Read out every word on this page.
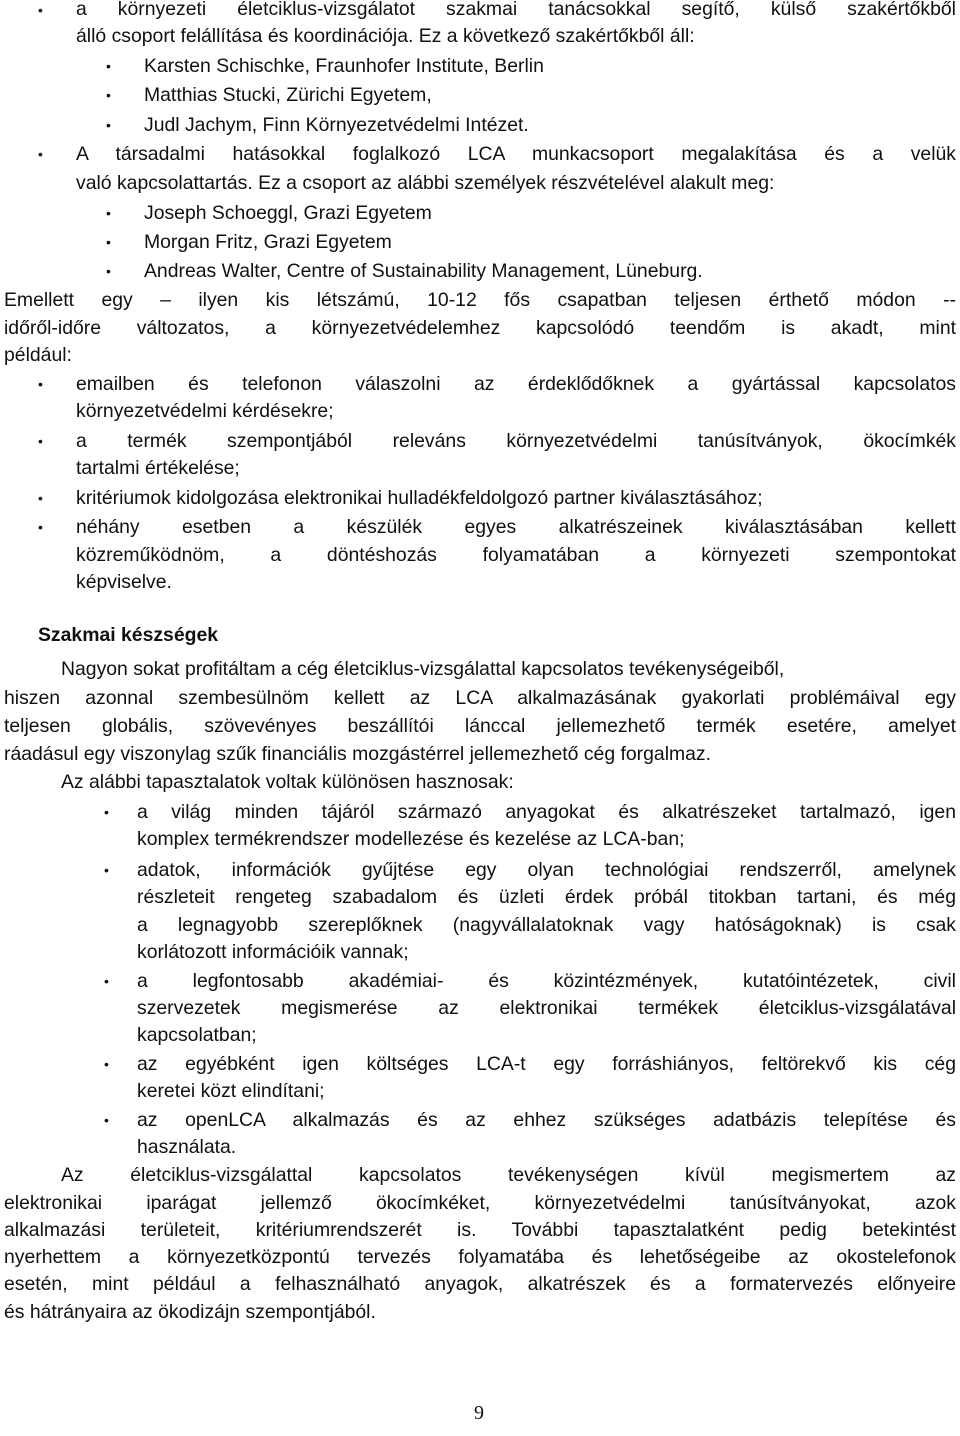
• a környezeti életciklus-vizsgálatot szakmai tanácsokkal segítő, külső szakértőkből
álló csoport felállítása és koordinációja. Ez a következő szakértőkből áll:
• Karsten Schischke, Fraunhofer Institute, Berlin
• Matthias Stucki, Zürichi Egyetem,
• Judl Jachym, Finn Környezetvédelmi Intézet.
• A társadalmi hatásokkal foglalkozó LCA munkacsoport megalakítása és a velük
való kapcsolattartás. Ez a csoport az alábbi személyek részvételével alakult meg:
• Joseph Schoeggl, Grazi Egyetem
• Morgan Fritz, Grazi Egyetem
• Andreas Walter, Centre of Sustainability Management, Lüneburg.
Emellett egy – ilyen kis létszámú, 10-12 fős csapatban teljesen érthető módon --
időről-időre változatos, a környezetvédelemhez kapcsolódó teendőm is akadt, mint
például:
• emailben és telefonon válaszolni az érdeklődőknek a gyártással kapcsolatos
környezetvédelmi kérdésekre;
• a termék szempontjából releváns környezetvédelmi tanúsítványok, ökocímkék
tartalmi értékelése;
• kritériumok kidolgozása elektronikai hulladékfeldolgozó partner kiválasztásához;
• néhány esetben a készülék egyes alkatrészeinek kiválasztásában kellett
közreműködnöm, a döntéshozás folyamatában a környezeti szempontokat
képviselve.
Szakmai készségek
Nagyon sokat profitáltam a cég életciklus-vizsgálattal kapcsolatos tevékenységeiből,
hiszen azonnal szembesülnöm kellett az LCA alkalmazásának gyakorlati problémáival egy
teljesen globális, szövevényes beszállítói lánccal jellemezhető termék esetére, amelyet
ráadásul egy viszonylag szűk financiális mozgástérrel jellemezhető cég forgalmaz.
Az alábbi tapasztalatok voltak különösen hasznosak:
• a világ minden tájáról származó anyagokat és alkatrészeket tartalmazó, igen
komplex termékrendszer modellezése és kezelése az LCA-ban;
• adatok, információk gyűjtése egy olyan technológiai rendszerről, amelynek
részleteit rengeteg szabadalom és üzleti érdek próbál titokban tartani, és még
a legnagyobb szereplőknek (nagyvállalatoknak vagy hatóságoknak) is csak
korlátozott információik vannak;
• a legfontosabb akadémiai- és közintézmények, kutatóintézetek, civil
szervezetek megismerése az elektronikai termékek életciklus-vizsgálatával
kapcsolatban;
• az egyébként igen költséges LCA-t egy forráshiányos, feltörekvő kis cég
keretei közt elindítani;
• az openLCA alkalmazás és az ehhez szükséges adatbázis telepítése és
használata.
Az életciklus-vizsgálattal kapcsolatos tevékenységen kívül megismertem az
elektronikai iparágat jellemző ökocímkéket, környezetvédelmi tanúsítványokat, azok
alkalmazási területeit, kritériumrendszerét is. További tapasztalatként pedig betekintést
nyerhettem a környezetközpontú tervezés folyamatába és lehetőségeibe az okostelefonok
esetén, mint például a felhasználható anyagok, alkatrészek és a formatervezés előnyeire
és hátrányaira az ökodizájn szempontjából.
9
